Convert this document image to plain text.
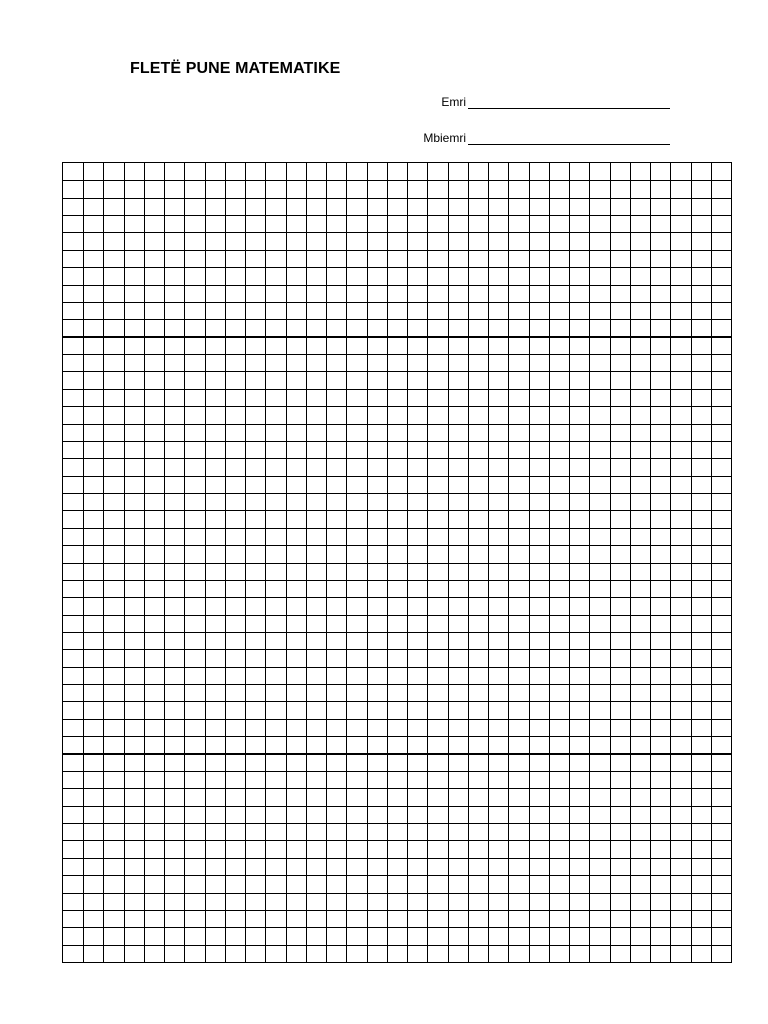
FLETË PUNE MATEMATIKE
Emri
Mbiemri
